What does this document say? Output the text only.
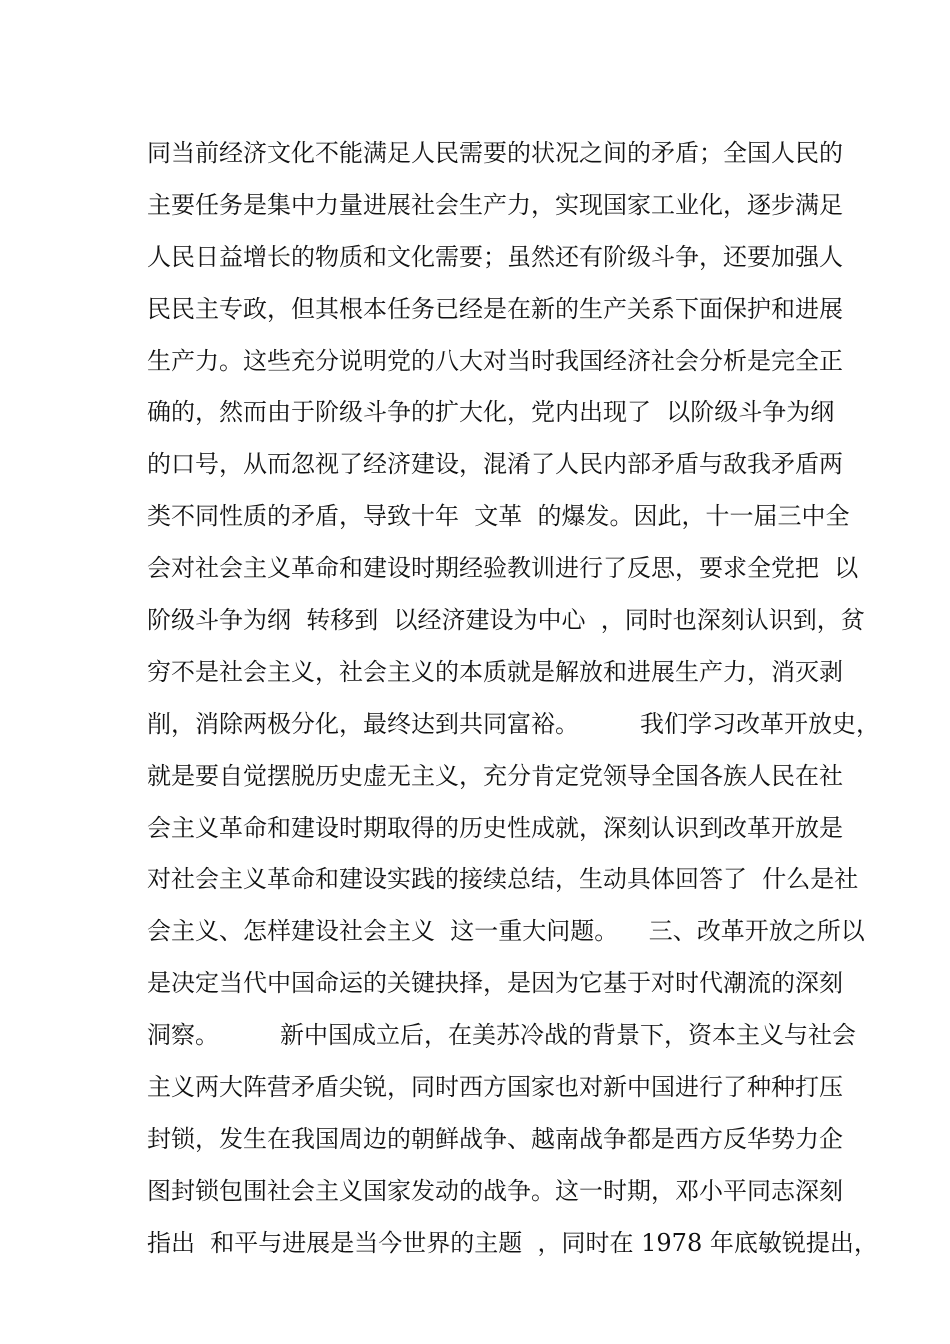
同当前经济文化不能满足人民需要的状况之间的矛盾；全国人民的
主要任务是集中力量进展社会生产力，实现国家工业化，逐步满足
人民日益增长的物质和文化需要；虽然还有阶级斗争，还要加强人
民民主专政，但其根本任务已经是在新的生产关系下面保护和进展
生产力。这些充分说明党的八大对当时我国经济社会分析是完全正
确的，然而由于阶级斗争的扩大化，党内出现了  以阶级斗争为纲
的口号，从而忽视了经济建设，混淆了人民内部矛盾与敌我矛盾两
类不同性质的矛盾，导致十年  文革  的爆发。因此，十一届三中全
会对社会主义革命和建设时期经验教训进行了反思，要求全党把  以
阶级斗争为纲  转移到  以经济建设为中心  ，同时也深刻认识到，贫
穷不是社会主义，社会主义的本质就是解放和进展生产力，消灭剥
削，消除两极分化，最终达到共同富裕。        我们学习改革开放史，
就是要自觉摆脱历史虚无主义，充分肯定党领导全国各族人民在社
会主义革命和建设时期取得的历史性成就，深刻认识到改革开放是
对社会主义革命和建设实践的接续总结，生动具体回答了  什么是社
会主义、怎样建设社会主义  这一重大问题。    三、改革开放之所以
是决定当代中国命运的关键抉择，是因为它基于对时代潮流的深刻
洞察。        新中国成立后，在美苏冷战的背景下，资本主义与社会
主义两大阵营矛盾尖锐，同时西方国家也对新中国进行了种种打压
封锁，发生在我国周边的朝鲜战争、越南战争都是西方反华势力企
图封锁包围社会主义国家发动的战争。这一时期，邓小平同志深刻
指出  和平与进展是当今世界的主题  ，同时在 1978 年底敏锐提出，
